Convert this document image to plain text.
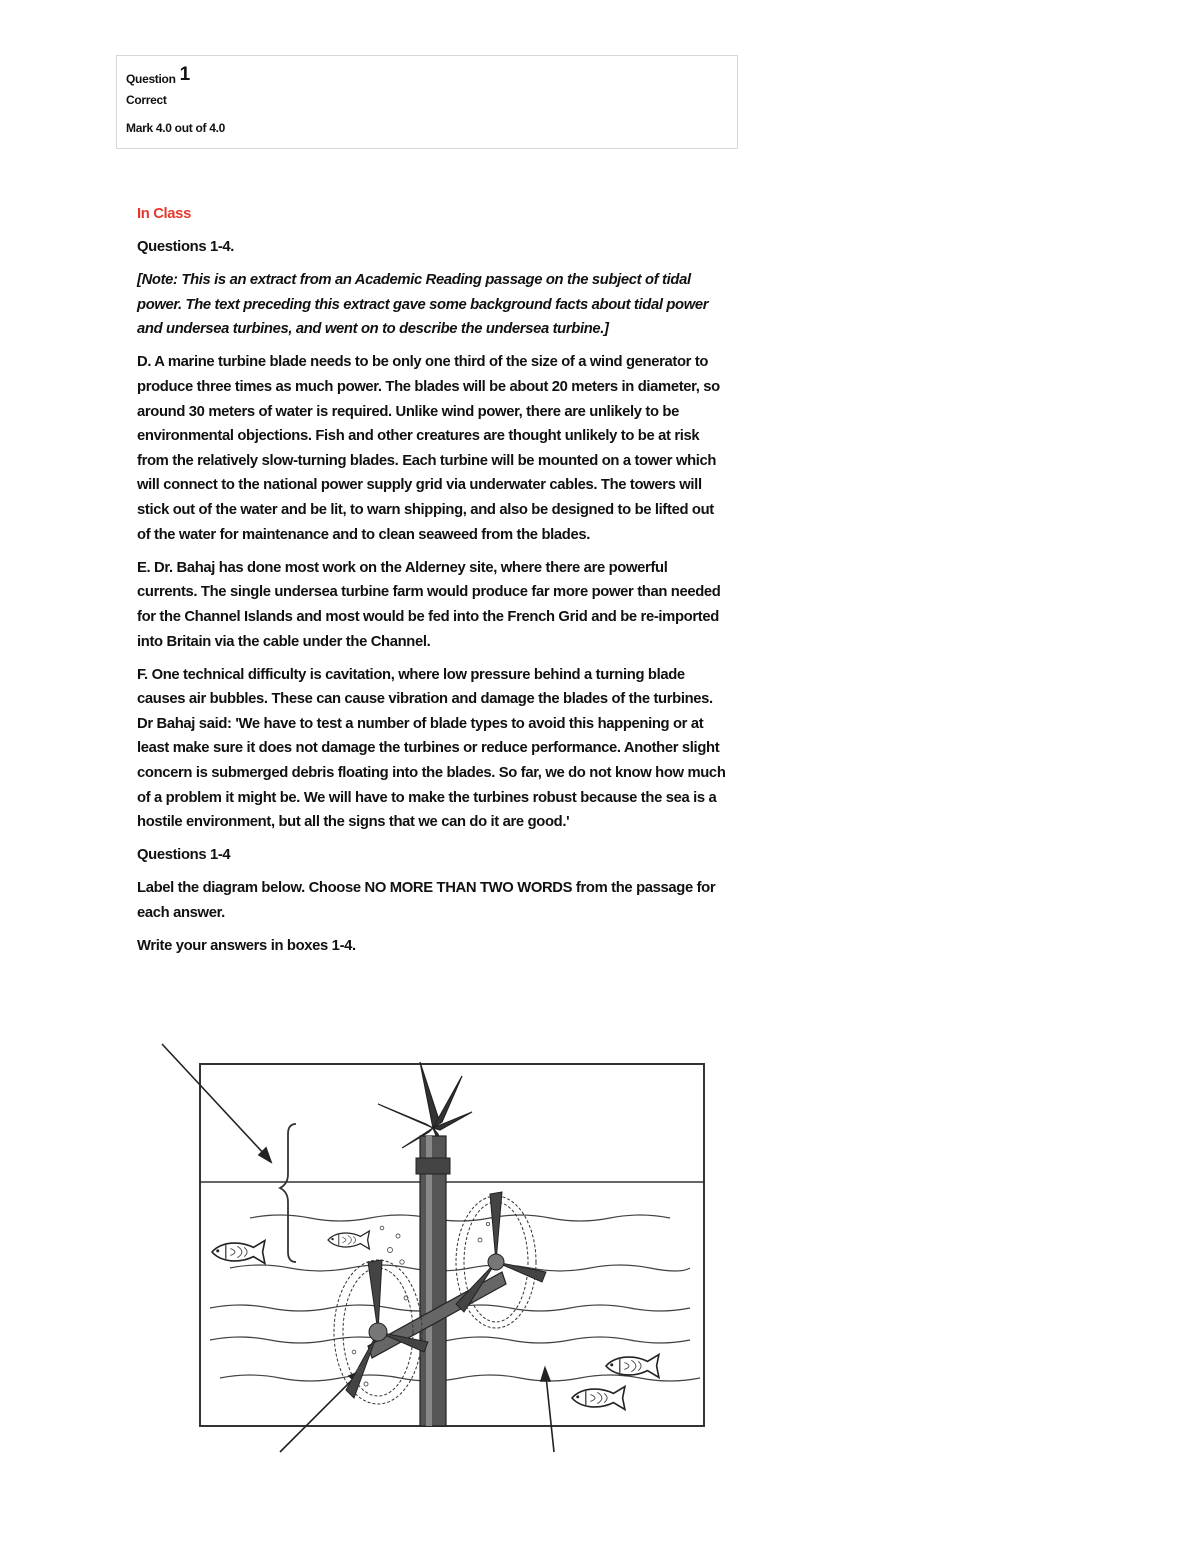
Question 1
Correct
Mark 4.0 out of 4.0

In Class

Questions 1-4.

[Note: This is an extract from an Academic Reading passage on the subject of tidal power. The text preceding this extract gave some background facts about tidal power and undersea turbines, and went on to describe the undersea turbine.]

D. A marine turbine blade needs to be only one third of the size of a wind generator to produce three times as much power. The blades will be about 20 meters in diameter, so around 30 meters of water is required. Unlike wind power, there are unlikely to be environmental objections. Fish and other creatures are thought unlikely to be at risk from the relatively slow-turning blades. Each turbine will be mounted on a tower which will connect to the national power supply grid via underwater cables. The towers will stick out of the water and be lit, to warn shipping, and also be designed to be lifted out of the water for maintenance and to clean seaweed from the blades.

E. Dr. Bahaj has done most work on the Alderney site, where there are powerful currents. The single undersea turbine farm would produce far more power than needed for the Channel Islands and most would be fed into the French Grid and be re-imported into Britain via the cable under the Channel.

F. One technical difficulty is cavitation, where low pressure behind a turning blade causes air bubbles. These can cause vibration and damage the blades of the turbines. Dr Bahaj said: 'We have to test a number of blade types to avoid this happening or at least make sure it does not damage the turbines or reduce performance. Another slight concern is submerged debris floating into the blades. So far, we do not know how much of a problem it might be. We will have to make the turbines robust because the sea is a hostile environment, but all the signs that we can do it are good.'

Questions 1-4

Label the diagram below. Choose NO MORE THAN TWO WORDS from the passage for each answer.

Write your answers in boxes 1-4.
